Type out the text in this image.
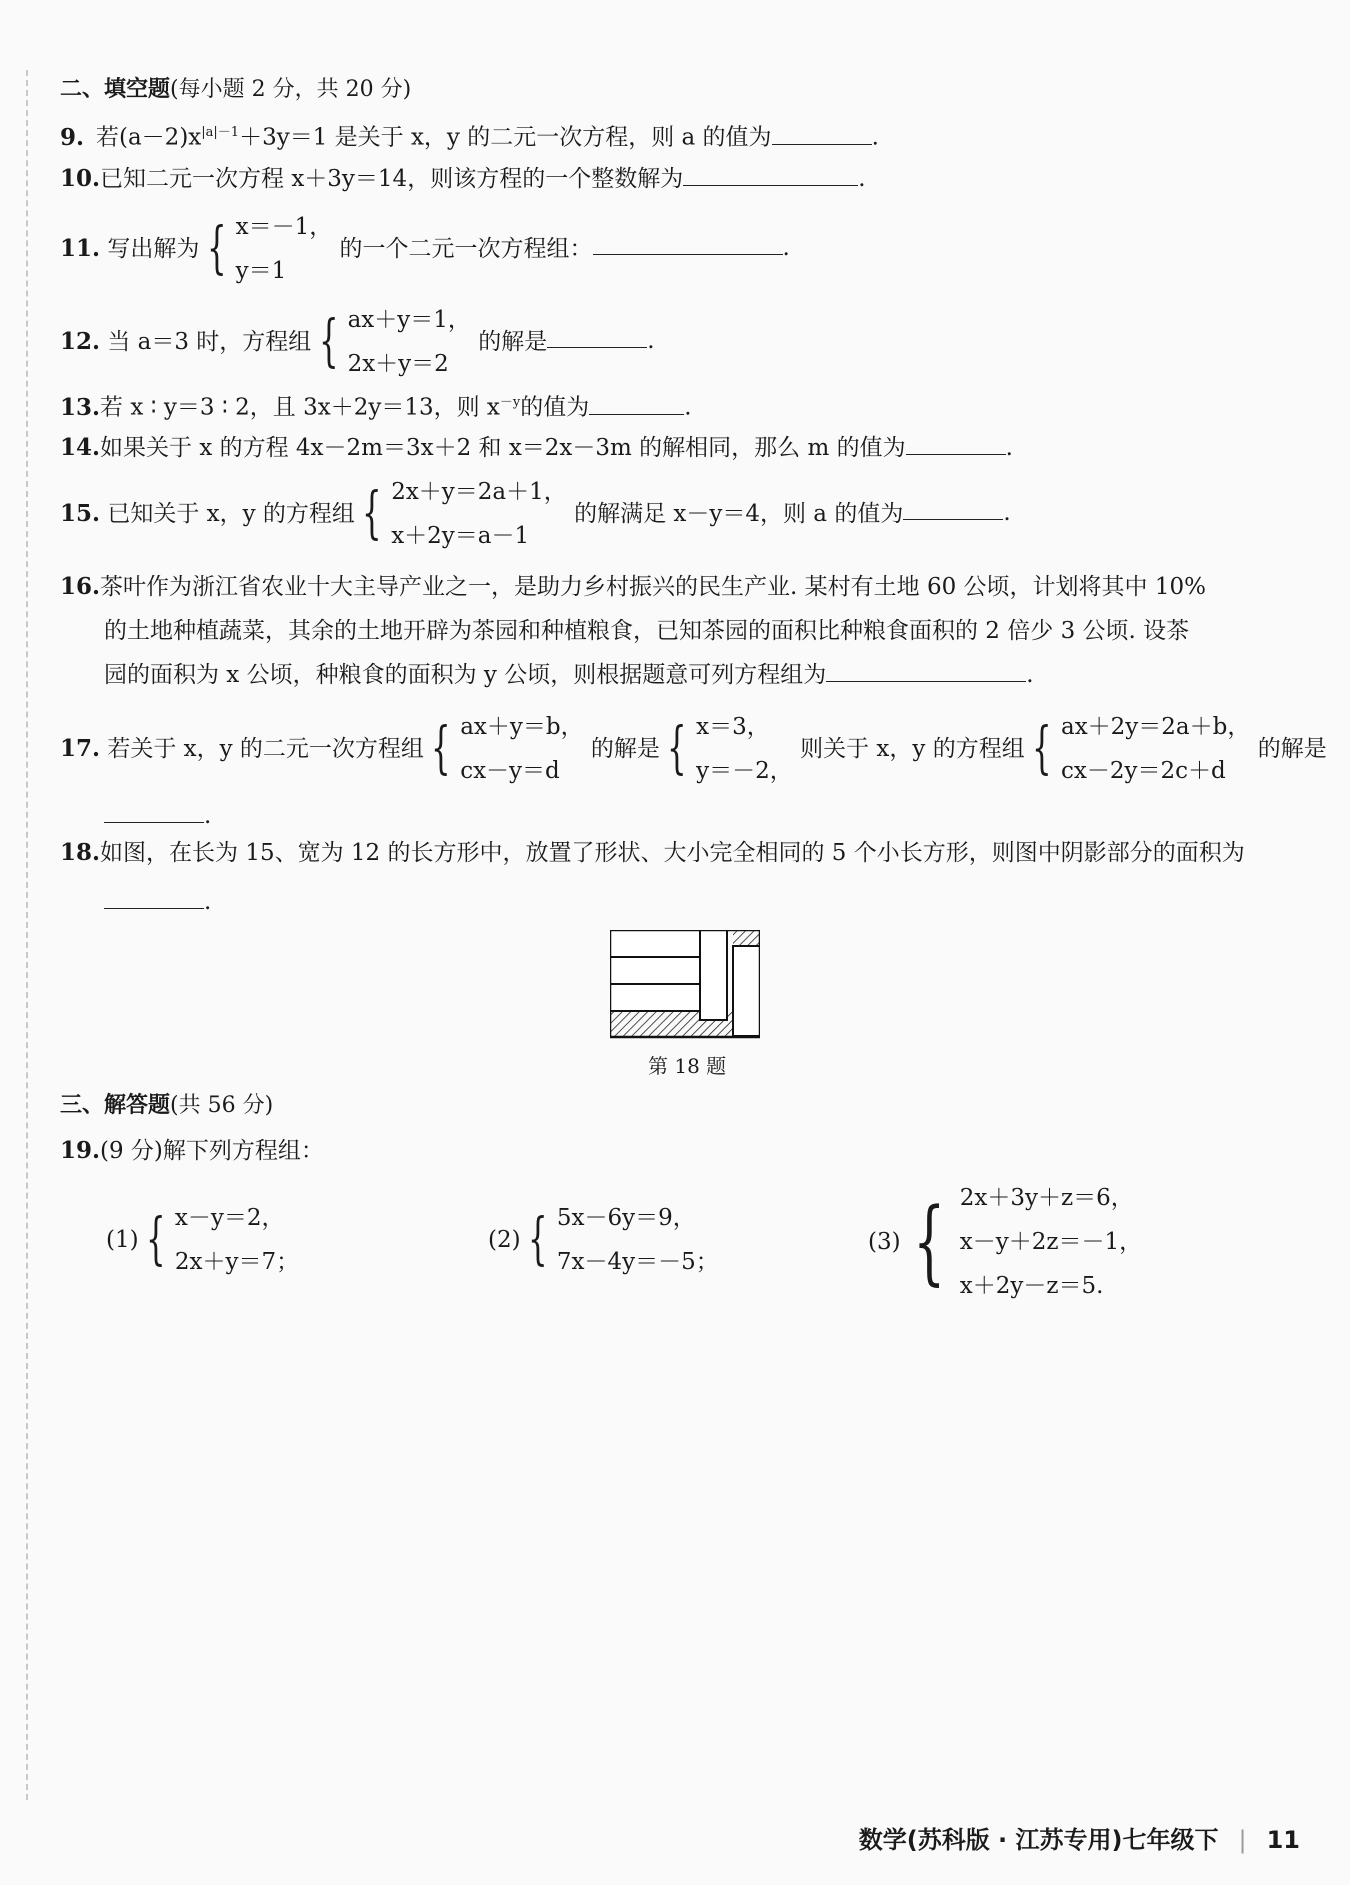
二、填空题(每小题 2 分，共 20 分)
9. 若$(a-2)x^{|a|-1}+3y=1$ 是关于 x，y 的二元一次方程，则 a 的值为	.
10.已知二元一次方程 x＋3y＝14，则该方程的一个整数解为	.
11. 写出解为 { x＝－1，
y＝1
的一个二元一次方程组：	.
12. 当 a＝3 时，方程组 { ax＋y＝1，
2x＋y＝2
的解是	.
13.若 x ∶ y＝3 ∶ 2，且 3x＋2y＝13，则 $x^{-y}$的值为	.
14.如果关于 x 的方程 4x－2m＝3x＋2 和 x＝2x－3m 的解相同，那么 m 的值为	.
15. 已知关于 x，y 的方程组 { 2x＋y＝2a＋1，
x＋2y＝a－1
的解满足 x－y＝4，则 a 的值为	.
16.茶叶作为浙江省农业十大主导产业之一，是助力乡村振兴的民生产业. 某村有土地 60 公顷，计划将其中 10%
的土地种植蔬菜，其余的土地开辟为茶园和种植粮食，已知茶园的面积比种粮食面积的 2 倍少 3 公顷. 设茶
园的面积为 x 公顷，种粮食的面积为 y 公顷，则根据题意可列方程组为	.
17. 若关于 x，y 的二元一次方程组 { ax＋y＝b，
cx－y＝d
的解是 { x＝3，
y＝－2，
则关于 x，y 的方程组 { ax＋2y＝2a＋b，
cx－2y＝2c＋d
的解是
.
18.如图，在长为 15、宽为 12 的长方形中，放置了形状、大小完全相同的 5 个小长方形，则图中阴影部分的面积为
.
第 18 题
三、解答题(共 56 分)
19.(9 分)解下列方程组：
(1) { x－y＝2，
2x＋y＝7；
(2) { 5x－6y＝9，
7x－4y＝－5；
(3) { 2x＋3y＋z＝6，
x－y＋2z＝－1，
x＋2y－z＝5.
数学(苏科版 · 江苏专用)七年级下 | 11
